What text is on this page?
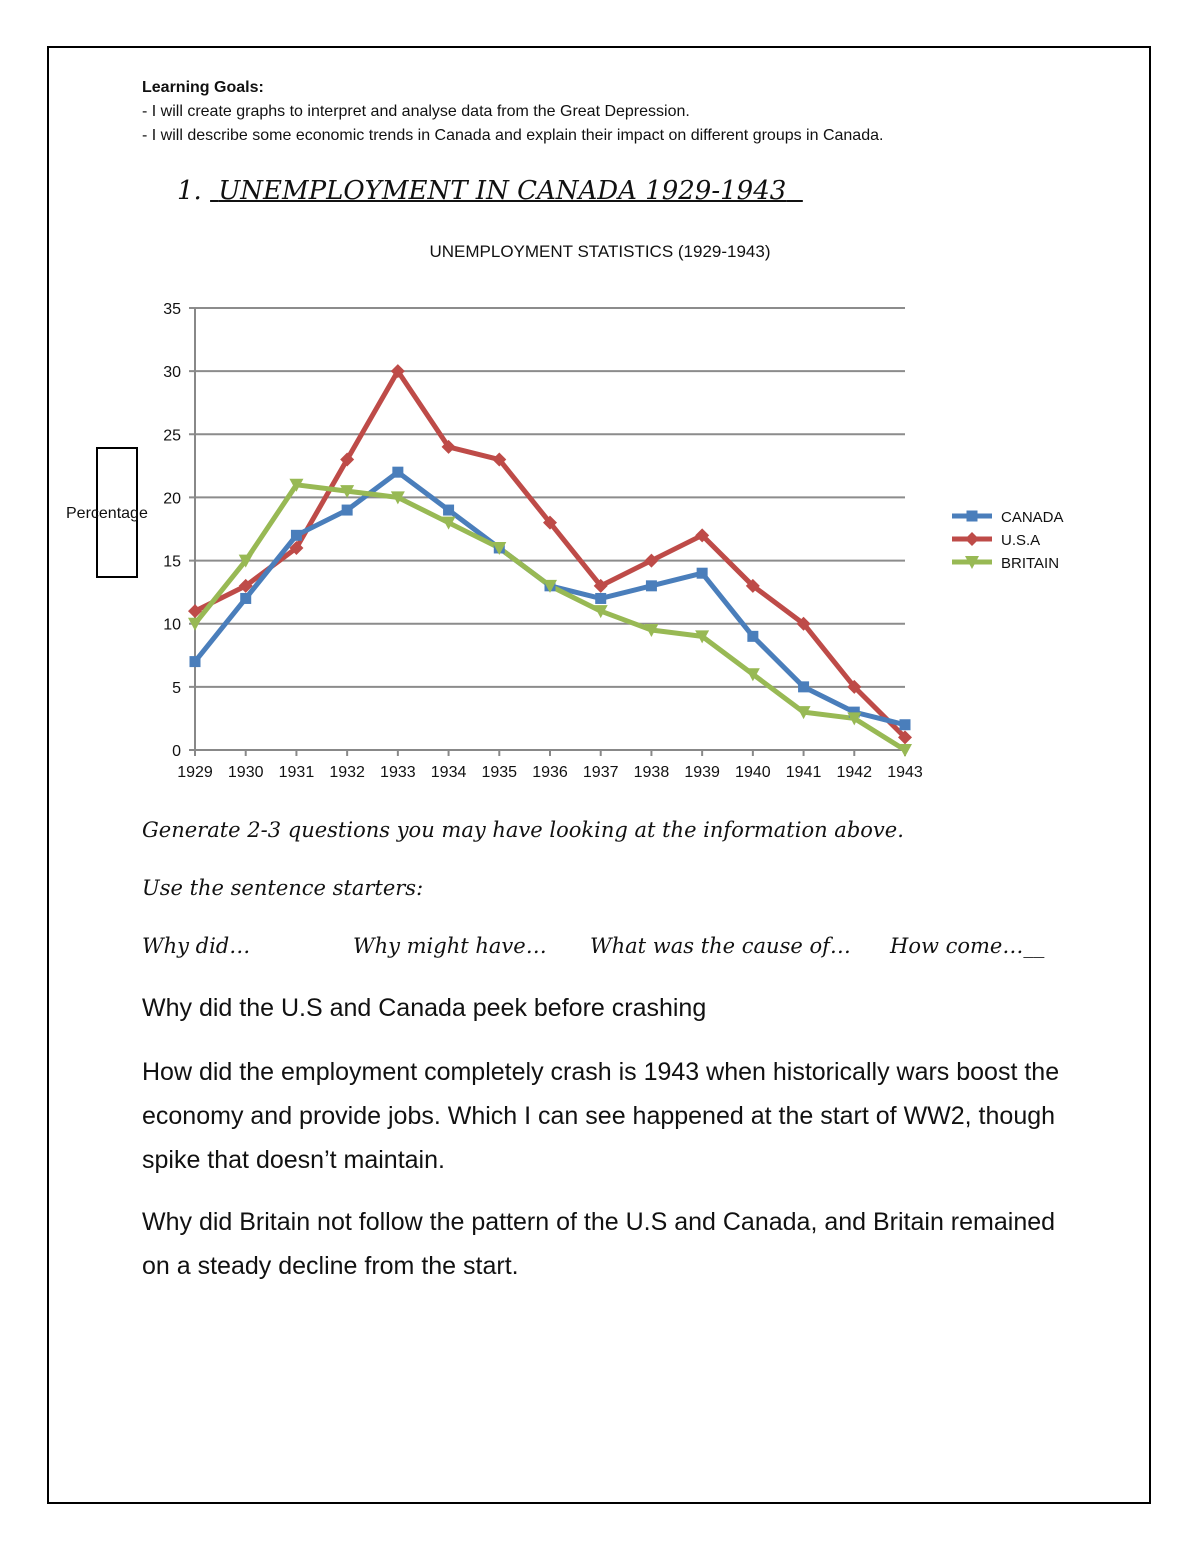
Learning Goals:
- I will create graphs to interpret and analyse data from the Great Depression.
- I will describe some economic trends in Canada and explain their impact on different groups in Canada.
1. UNEMPLOYMENT IN CANADA 1929-1943
UNEMPLOYMENT STATISTICS (1929-1943)
0
5
10
15
20
25
30
35
1929 1930 1931 1932 1933 1934 1935 1936 1937 1938 1939 1940 1941 1942 1943
CANADA
U.S.A
BRITAIN
Percentage
Generate 2-3 questions you may have looking at the information above.
Use the sentence starters:
Why did…	Why might have… What was the cause of… How come…__
Why did the U.S and Canada peek before crashing
How did the employment completely crash is 1943 when historically wars boost the economy and provide jobs. Which I can see happened at the start of WW2, though spike that doesn’t maintain.
Why did Britain not follow the pattern of the U.S and Canada, and Britain remained on a steady decline from the start.
